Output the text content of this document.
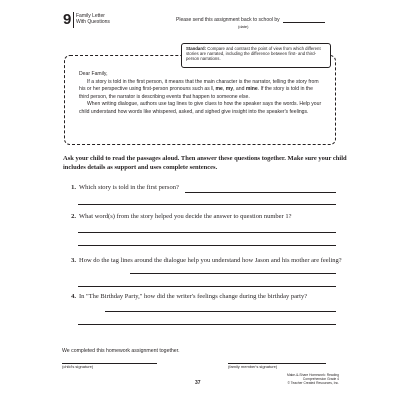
9 Family Letter
With Questions	Please send this assignment back to school by
(date)
Standard: Compare and contrast the point of view from which different stories are narrated, including the difference between first- and third-person narrations.

Dear Family,

If a story is told in the first person, it means that the main character is the narrator, telling the story from his or her perspective using first-person pronouns such as I, me, my, and mine. If the story is told in the third person, the narrator is describing events that happen to someone else.

When writing dialogue, authors use tag lines to give clues to how the speaker says the words. Help your child understand how words like whispered, asked, and sighed give insight into the speaker's feelings.

Ask your child to read the passages aloud. Then answer these questions together. Make sure your child includes details as support and uses complete sentences.
1. Which story is told in the first person?
2. What word(s) from the story helped you decide the answer to question number 1?
3. How do the tag lines around the dialogue help you understand how Jason and his mother are feeling?
4. In "The Birthday Party," how did the writer's feelings change during the birthday party?
We completed this homework assignment together.
(child's signature)	(family member's signature)
Make-&-Share Homework: Reading Comprehension Grade 4
© Teacher Created Resources, Inc.
37
